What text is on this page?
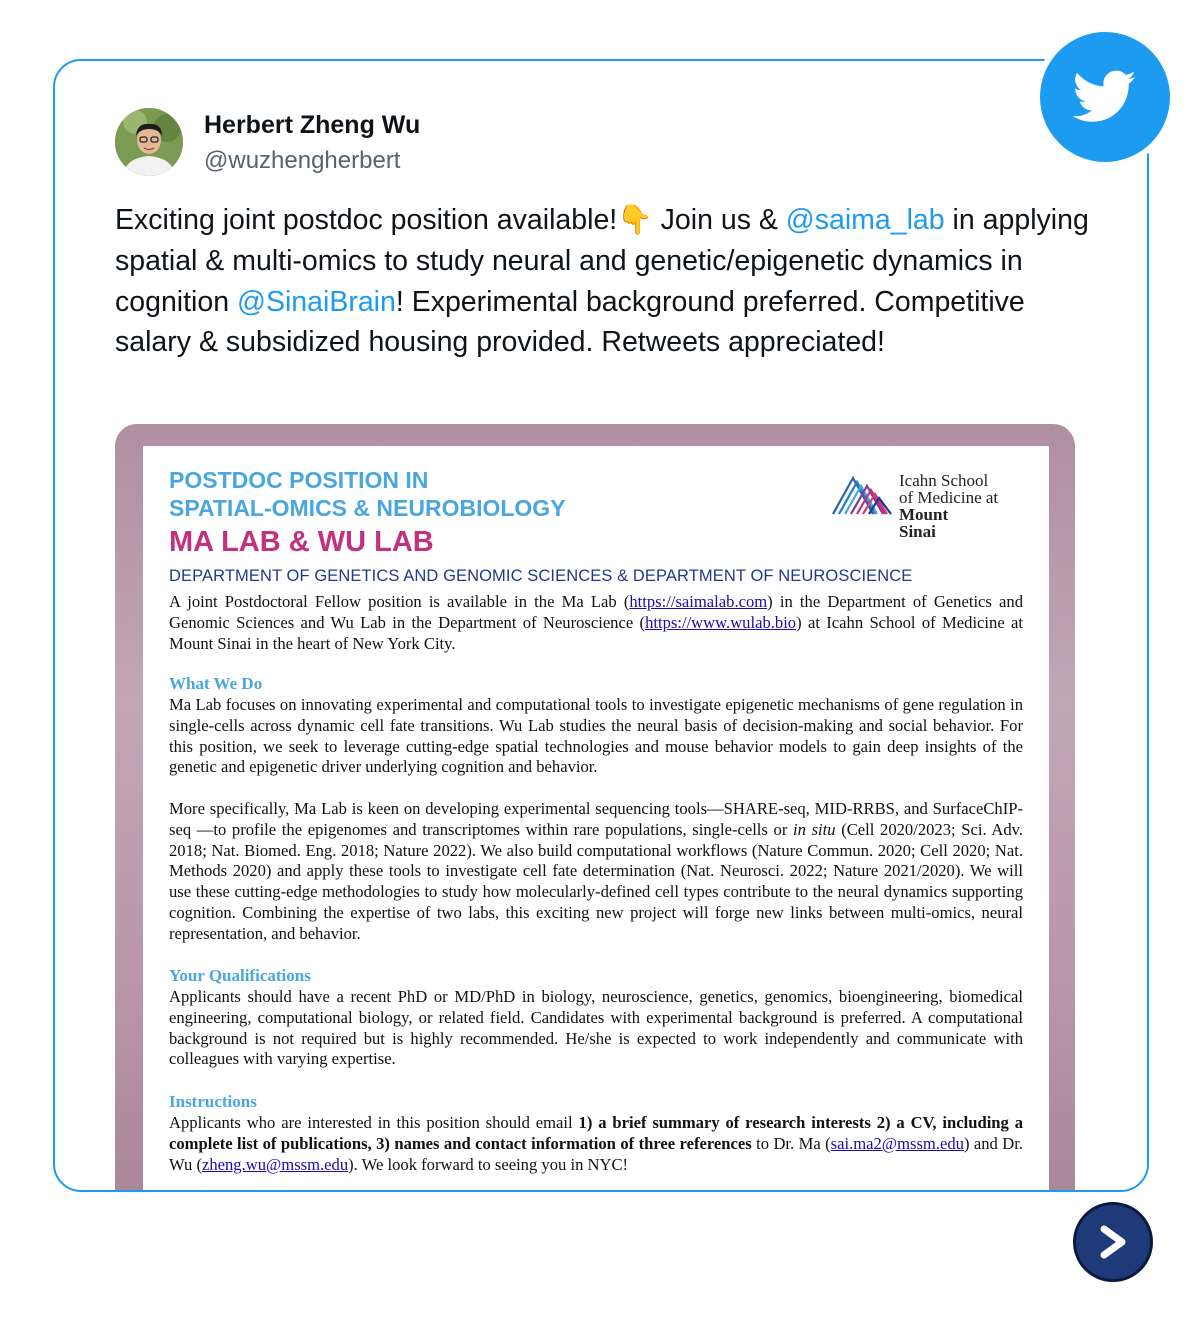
Herbert Zheng Wu
@wuzhengherbert
Exciting joint postdoc position available!👇 Join us & @saima_lab in applying spatial & multi-omics to study neural and genetic/epigenetic dynamics in cognition @SinaiBrain! Experimental background preferred. Competitive salary & subsidized housing provided. Retweets appreciated!
POSTDOC POSITION IN
SPATIAL-OMICS & NEUROBIOLOGY
MA LAB & WU LAB
Icahn School
of Medicine at
Mount
Sinai
DEPARTMENT OF GENETICS AND GENOMIC SCIENCES & DEPARTMENT OF NEUROSCIENCE
A joint Postdoctoral Fellow position is available in the Ma Lab (https://saimalab.com) in the Department of Genetics and Genomic Sciences and Wu Lab in the Department of Neuroscience (https://www.wulab.bio) at Icahn School of Medicine at Mount Sinai in the heart of New York City.
What We Do
Ma Lab focuses on innovating experimental and computational tools to investigate epigenetic mechanisms of gene regulation in single-cells across dynamic cell fate transitions. Wu Lab studies the neural basis of decision-making and social behavior. For this position, we seek to leverage cutting-edge spatial technologies and mouse behavior models to gain deep insights of the genetic and epigenetic driver underlying cognition and behavior.
More specifically, Ma Lab is keen on developing experimental sequencing tools—SHARE-seq, MID-RRBS, and SurfaceChIP-seq —to profile the epigenomes and transcriptomes within rare populations, single-cells or in situ (Cell 2020/2023; Sci. Adv. 2018; Nat. Biomed. Eng. 2018; Nature 2022). We also build computational workflows (Nature Commun. 2020; Cell 2020; Nat. Methods 2020) and apply these tools to investigate cell fate determination (Nat. Neurosci. 2022; Nature 2021/2020). We will use these cutting-edge methodologies to study how molecularly-defined cell types contribute to the neural dynamics supporting cognition. Combining the expertise of two labs, this exciting new project will forge new links between multi-omics, neural representation, and behavior.
Your Qualifications
Applicants should have a recent PhD or MD/PhD in biology, neuroscience, genetics, genomics, bioengineering, biomedical engineering, computational biology, or related field. Candidates with experimental background is preferred. A computational background is not required but is highly recommended. He/she is expected to work independently and communicate with colleagues with varying expertise.
Instructions
Applicants who are interested in this position should email 1) a brief summary of research interests 2) a CV, including a complete list of publications, 3) names and contact information of three references to Dr. Ma (sai.ma2@mssm.edu) and Dr. Wu (zheng.wu@mssm.edu). We look forward to seeing you in NYC!
